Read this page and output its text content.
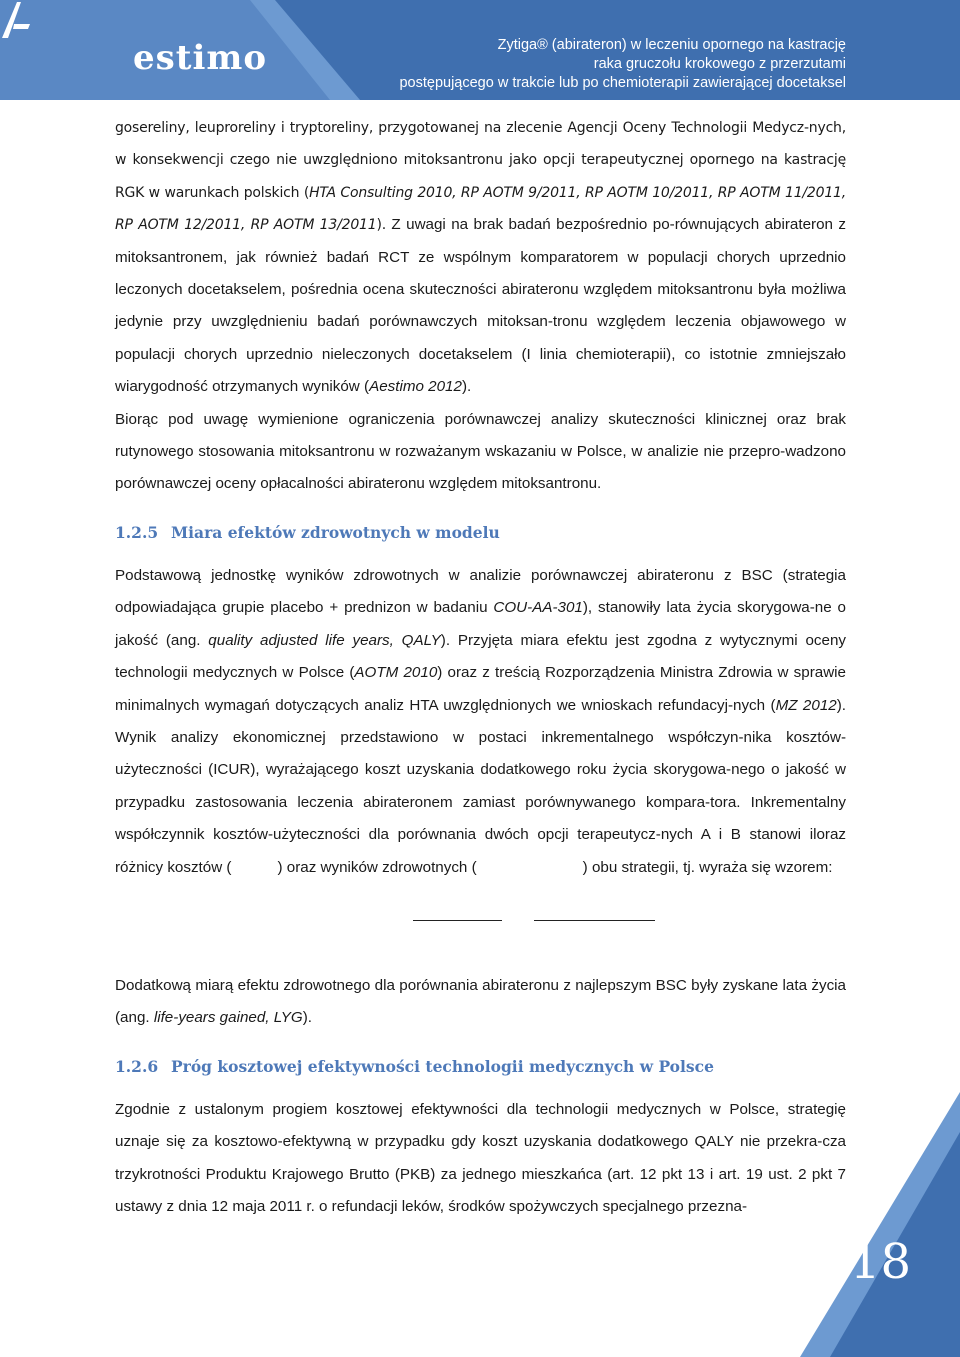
estimo	Zytiga® (abirateron) w leczeniu opornego na kastrację
raka gruczołu krokowego z przerzutami
postępującego w trakcie lub po chemioterapii zawierającej docetaksel

gosereliny, leuproreliny i tryptoreliny, przygotowanej na zlecenie Agencji Oceny Technologii Medycz-nych, w konsekwencji czego nie uwzględniono mitoksantronu jako opcji terapeutycznej opornego na kastrację RGK w warunkach polskich (HTA Consulting 2010, RP AOTM 9/2011, RP AOTM 10/2011, RP AOTM 11/2011, RP AOTM 12/2011, RP AOTM 13/2011). Z uwagi na brak badań bezpośrednio po-równujących abirateron z mitoksantronem, jak również badań RCT ze wspólnym komparatorem w populacji chorych uprzednio leczonych docetakselem, pośrednia ocena skuteczności abirateronu względem mitoksantronu była możliwa jedynie przy uwzględnieniu badań porównawczych mitoksan-tronu względem leczenia objawowego w populacji chorych uprzednio nieleczonych docetakselem (I linia chemioterapii), co istotnie zmniejszało wiarygodność otrzymanych wyników (Aestimo 2012).

Biorąc pod uwagę wymienione ograniczenia porównawczej analizy skuteczności klinicznej oraz brak rutynowego stosowania mitoksantronu w rozważanym wskazaniu w Polsce, w analizie nie przepro-wadzono porównawczej oceny opłacalności abirateronu względem mitoksantronu.

1.2.5 Miara efektów zdrowotnych w modelu

Podstawową jednostkę wyników zdrowotnych w analizie porównawczej abirateronu z BSC (strategia odpowiadająca grupie placebo + prednizon w badaniu COU-AA-301), stanowiły lata życia skorygowa-ne o jakość (ang. quality adjusted life years, QALY). Przyjęta miara efektu jest zgodna z wytycznymi oceny technologii medycznych w Polsce (AOTM 2010) oraz z treścią Rozporządzenia Ministra Zdrowia w sprawie minimalnych wymagań dotyczących analiz HTA uwzględnionych we wnioskach refundacyj-nych (MZ 2012). Wynik analizy ekonomicznej przedstawiono w postaci inkrementalnego współczyn-nika kosztów-użyteczności (ICUR), wyrażającego koszt uzyskania dodatkowego roku życia skorygowa-nego o jakość w przypadku zastosowania leczenia abirateronem zamiast porównywanego kompara-tora. Inkrementalny współczynnik kosztów-użyteczności dla porównania dwóch opcji terapeutycz-nych A i B stanowi iloraz różnicy kosztów (	) oraz wyników zdrowotnych (	) obu strategii, tj. wyraża się wzorem:

Dodatkową miarą efektu zdrowotnego dla porównania abirateronu z najlepszym BSC były zyskane lata życia (ang. life-years gained, LYG).

1.2.6 Próg kosztowej efektywności technologii medycznych w Polsce

Zgodnie z ustalonym progiem kosztowej efektywności dla technologii medycznych w Polsce, strategię uznaje się za kosztowo-efektywną w przypadku gdy koszt uzyskania dodatkowego QALY nie przekra-cza trzykrotności Produktu Krajowego Brutto (PKB) za jednego mieszkańca (art. 12 pkt 13 i art. 19 ust. 2 pkt 7 ustawy z dnia 12 maja 2011 r. o refundacji leków, środków spożywczych specjalnego przezna-

18
